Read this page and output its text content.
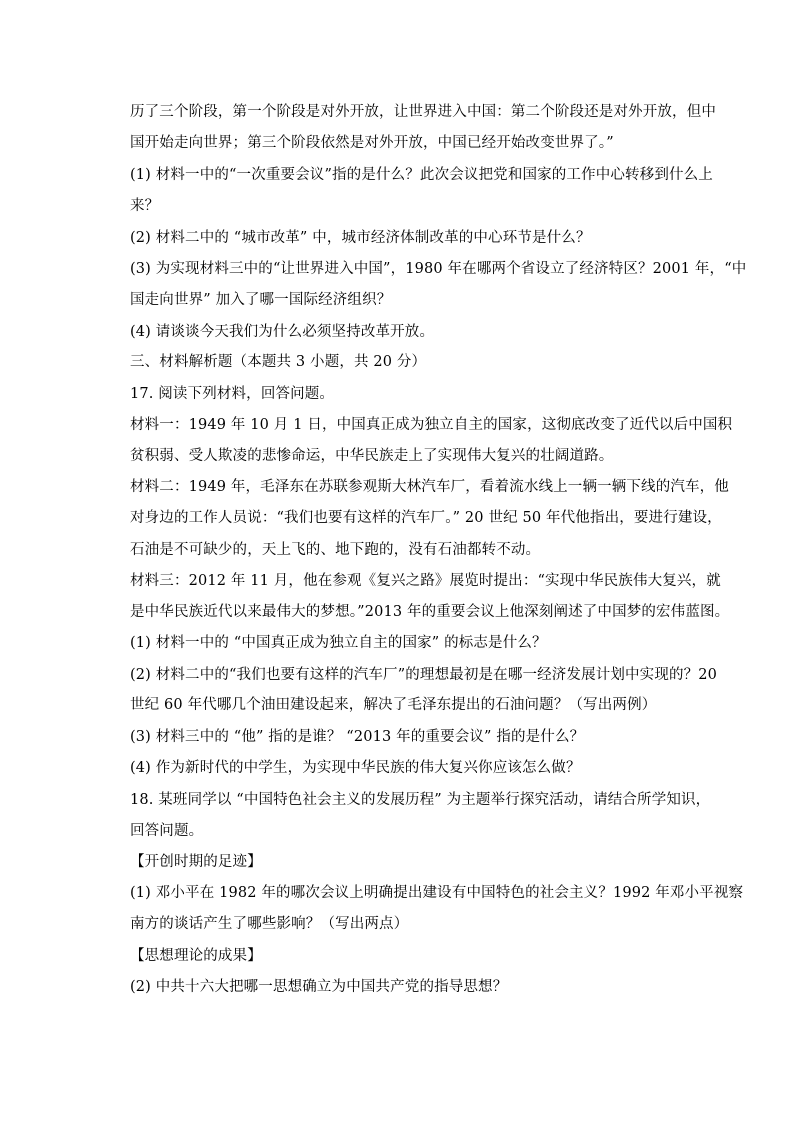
历了三个阶段，第一个阶段是对外开放，让世界进入中国：第二个阶段还是对外开放，但中
国开始走向世界；第三个阶段依然是对外开放，中国已经开始改变世界了。”
(1) 材料一中的“一次重要会议”指的是什么？此次会议把党和国家的工作中心转移到什么上
来？
(2) 材料二中的 “城市改革” 中，城市经济体制改革的中心环节是什么？
(3) 为实现材料三中的“让世界进入中国”，1980 年在哪两个省设立了经济特区？2001 年，“中
国走向世界” 加入了哪一国际经济组织？
(4) 请谈谈今天我们为什么必须坚持改革开放。
三、材料解析题（本题共 3 小题，共 20 分）
17. 阅读下列材料，回答问题。
材料一：1949 年 10 月 1 日，中国真正成为独立自主的国家，这彻底改变了近代以后中国积
贫积弱、受人欺凌的悲惨命运，中华民族走上了实现伟大复兴的壮阔道路。
材料二：1949 年，毛泽东在苏联参观斯大林汽车厂，看着流水线上一辆一辆下线的汽车，他
对身边的工作人员说：“我们也要有这样的汽车厂。” 20 世纪 50 年代他指出，要进行建设，
石油是不可缺少的，天上飞的、地下跑的，没有石油都转不动。
材料三：2012 年 11 月，他在参观《复兴之路》展览时提出：“实现中华民族伟大复兴，就
是中华民族近代以来最伟大的梦想。”2013 年的重要会议上他深刻阐述了中国梦的宏伟蓝图。
(1) 材料一中的 “中国真正成为独立自主的国家” 的标志是什么？
(2) 材料二中的“我们也要有这样的汽车厂”的理想最初是在哪一经济发展计划中实现的？20
世纪 60 年代哪几个油田建设起来，解决了毛泽东提出的石油问题？（写出两例）
(3) 材料三中的 “他” 指的是谁？ “2013 年的重要会议” 指的是什么？
(4) 作为新时代的中学生，为实现中华民族的伟大复兴你应该怎么做？
18. 某班同学以 “中国特色社会主义的发展历程” 为主题举行探究活动，请结合所学知识，
回答问题。
【开创时期的足迹】
(1) 邓小平在 1982 年的哪次会议上明确提出建设有中国特色的社会主义？1992 年邓小平视察
南方的谈话产生了哪些影响？（写出两点）
【思想理论的成果】
(2) 中共十六大把哪一思想确立为中国共产党的指导思想？
